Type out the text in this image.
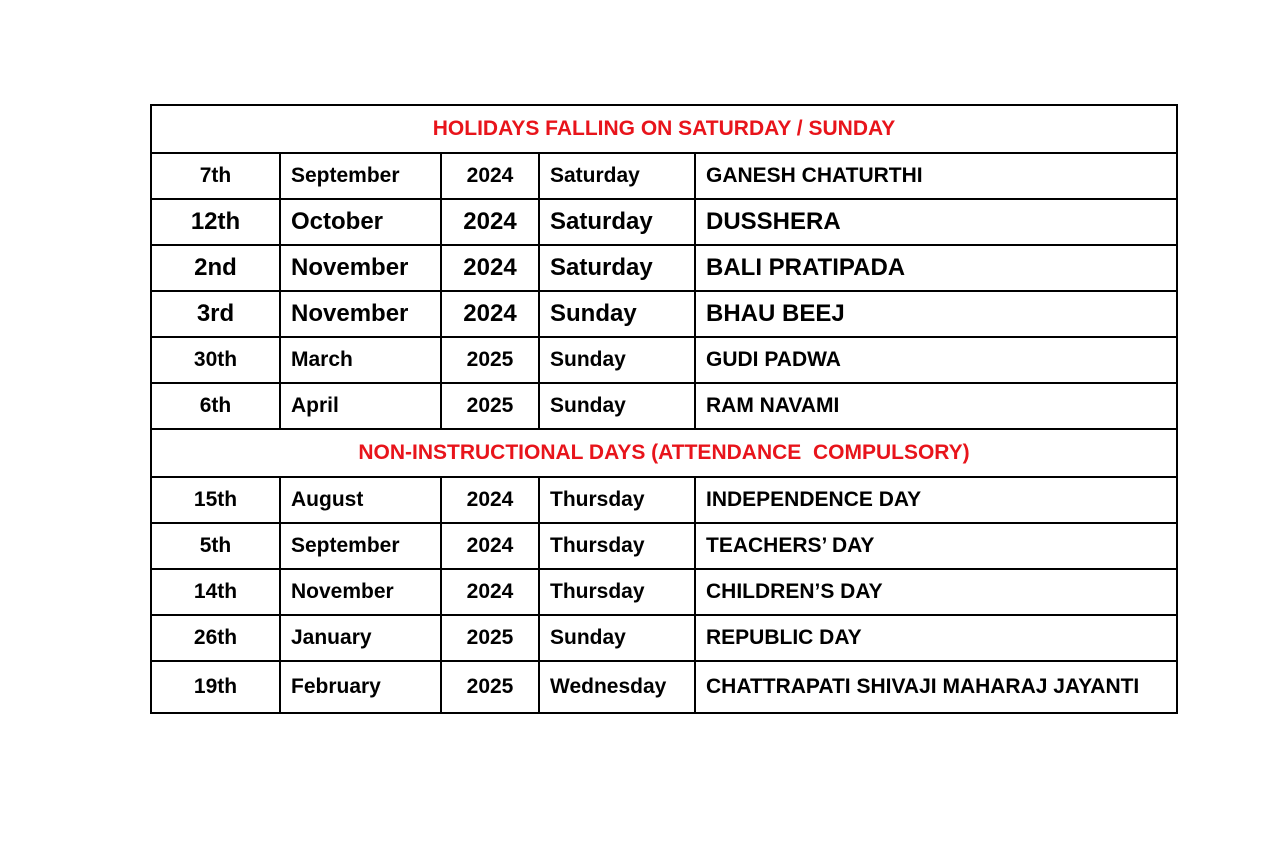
HOLIDAYS FALLING ON SATURDAY / SUNDAY				
7th	September	2024	Saturday	GANESH CHATURTHI
12th	October	2024	Saturday	DUSSHERA
2nd	November	2024	Saturday	BALI PRATIPADA
3rd	November	2024	Sunday	BHAU BEEJ
30th	March	2025	Sunday	GUDI PADWA
6th	April	2025	Sunday	RAM NAVAMI
NON-INSTRUCTIONAL DAYS (ATTENDANCE  COMPULSORY)				
15th	August	2024	Thursday	INDEPENDENCE DAY
5th	September	2024	Thursday	TEACHERS’ DAY
14th	November	2024	Thursday	CHILDREN’S DAY
26th	January	2025	Sunday	REPUBLIC DAY
19th	February	2025	Wednesday	CHATTRAPATI SHIVAJI MAHARAJ JAYANTI
